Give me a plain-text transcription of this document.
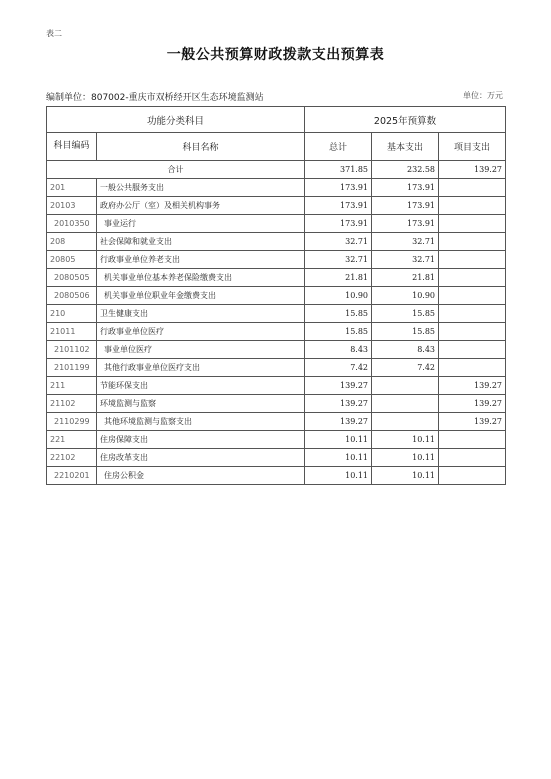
表二
一般公共预算财政拨款支出预算表
编制单位：807002-重庆市双桥经开区生态环境监测站	单位：万元
功能分类科目		2025年预算数		
科目编码	科目名称	总计	基本支出	项目支出
合计		371.85	232.58	139.27
201	一般公共服务支出	173.91	173.91	
20103	政府办公厅（室）及相关机构事务	173.91	173.91	
2010350	事业运行	173.91	173.91	
208	社会保障和就业支出	32.71	32.71	
20805	行政事业单位养老支出	32.71	32.71	
2080505	机关事业单位基本养老保险缴费支出	21.81	21.81	
2080506	机关事业单位职业年金缴费支出	10.90	10.90	
210	卫生健康支出	15.85	15.85	
21011	行政事业单位医疗	15.85	15.85	
2101102	事业单位医疗	8.43	8.43	
2101199	其他行政事业单位医疗支出	7.42	7.42	
211	节能环保支出	139.27		139.27
21102	环境监测与监察	139.27		139.27
2110299	其他环境监测与监察支出	139.27		139.27
221	住房保障支出	10.11	10.11	
22102	住房改革支出	10.11	10.11	
2210201	住房公积金	10.11	10.11	
